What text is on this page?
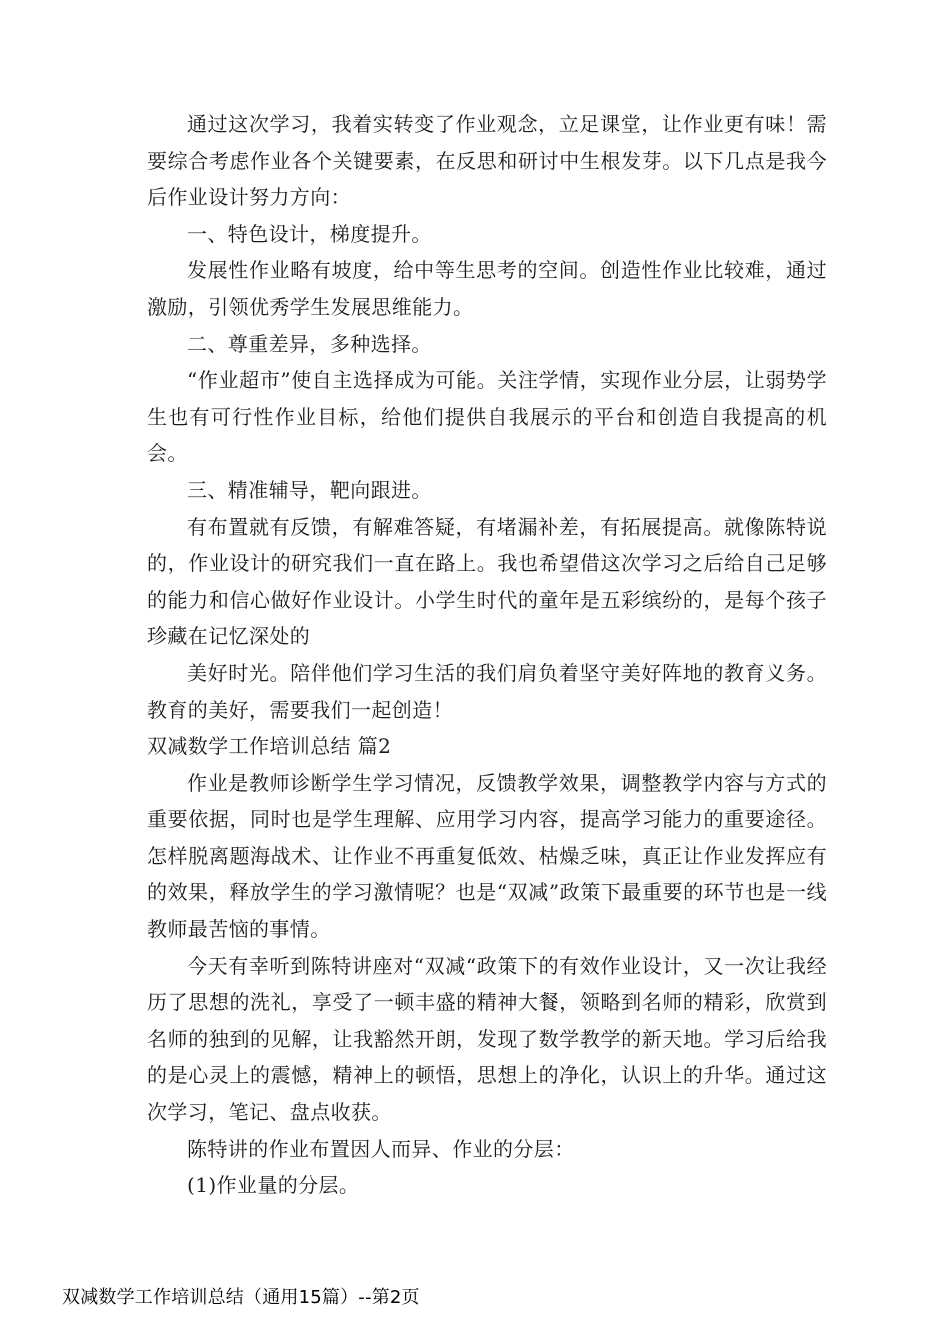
通过这次学习，我着实转变了作业观念，立足课堂，让作业更有味！需要综合考虑作业各个关键要素，在反思和研讨中生根发芽。以下几点是我今后作业设计努力方向：

一、特色设计，梯度提升。

发展性作业略有坡度，给中等生思考的空间。创造性作业比较难，通过激励，引领优秀学生发展思维能力。

二、尊重差异，多种选择。

“作业超市”使自主选择成为可能。关注学情，实现作业分层，让弱势学生也有可行性作业目标，给他们提供自我展示的平台和创造自我提高的机会。

三、精准辅导，靶向跟进。

有布置就有反馈，有解难答疑，有堵漏补差，有拓展提高。就像陈特说的，作业设计的研究我们一直在路上。我也希望借这次学习之后给自己足够的能力和信心做好作业设计。小学生时代的童年是五彩缤纷的，是每个孩子珍藏在记忆深处的

美好时光。陪伴他们学习生活的我们肩负着坚守美好阵地的教育义务。教育的美好，需要我们一起创造！

双减数学工作培训总结 篇2

作业是教师诊断学生学习情况，反馈教学效果，调整教学内容与方式的重要依据，同时也是学生理解、应用学习内容，提高学习能力的重要途径。怎样脱离题海战术、让作业不再重复低效、枯燥乏味，真正让作业发挥应有的效果，释放学生的学习激情呢？也是“双减”政策下最重要的环节也是一线教师最苦恼的事情。

今天有幸听到陈特讲座对“双减“政策下的有效作业设计，又一次让我经历了思想的洗礼，享受了一顿丰盛的精神大餐，领略到名师的精彩，欣赏到名师的独到的见解，让我豁然开朗，发现了数学教学的新天地。学习后给我的是心灵上的震憾，精神上的顿悟，思想上的净化，认识上的升华。通过这次学习，笔记、盘点收获。

陈特讲的作业布置因人而异、作业的分层：

(1)作业量的分层。

双减数学工作培训总结（通用15篇）--第2页
